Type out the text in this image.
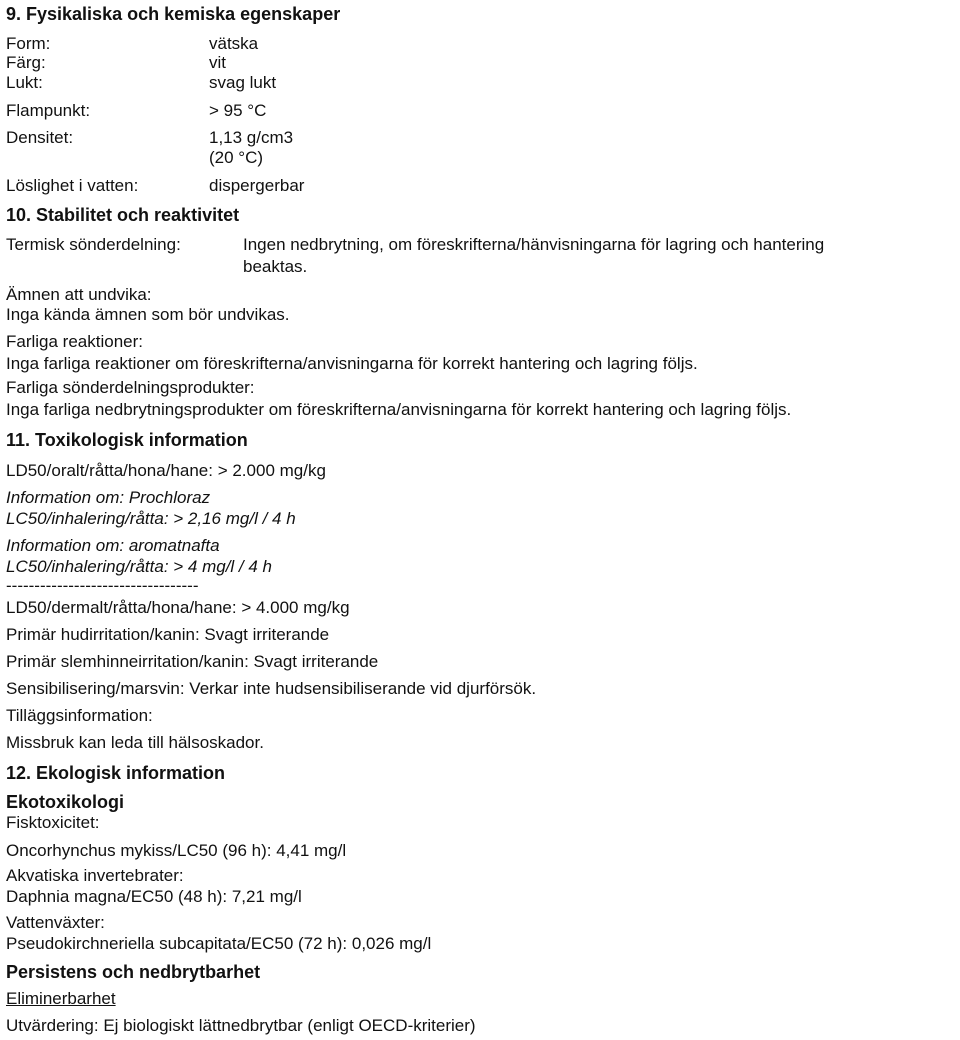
9. Fysikaliska och kemiska egenskaper
Form:	vätska
Färg:	vit
Lukt:	svag lukt
Flampunkt:	> 95 °C
Densitet:	1,13 g/cm3
(20 °C)
Löslighet i vatten:	dispergerbar
10. Stabilitet och reaktivitet
Termisk sönderdelning:	Ingen nedbrytning, om föreskrifterna/hänvisningarna för lagring och hantering
beaktas.
Ämnen att undvika:
Inga kända ämnen som bör undvikas.
Farliga reaktioner:
Inga farliga reaktioner om föreskrifterna/anvisningarna för korrekt hantering och lagring följs.
Farliga sönderdelningsprodukter:
Inga farliga nedbrytningsprodukter om föreskrifterna/anvisningarna för korrekt hantering och lagring följs.
11. Toxikologisk information
LD50/oralt/råtta/hona/hane: > 2.000 mg/kg
Information om: Prochloraz
LC50/inhalering/råtta: > 2,16 mg/l / 4 h
Information om: aromatnafta
LC50/inhalering/råtta: > 4 mg/l / 4 h
----------------------------------
LD50/dermalt/råtta/hona/hane: > 4.000 mg/kg
Primär hudirritation/kanin: Svagt irriterande
Primär slemhinneirritation/kanin: Svagt irriterande
Sensibilisering/marsvin: Verkar inte hudsensibiliserande vid djurförsök.
Tilläggsinformation:
Missbruk kan leda till hälsoskador.
12. Ekologisk information
Ekotoxikologi
Fisktoxicitet:
Oncorhynchus mykiss/LC50 (96 h): 4,41 mg/l
Akvatiska invertebrater:
Daphnia magna/EC50 (48 h): 7,21 mg/l
Vattenväxter:
Pseudokirchneriella subcapitata/EC50 (72 h): 0,026 mg/l
Persistens och nedbrytbarhet
Eliminerbarhet
Utvärdering: Ej biologiskt lättnedbrytbar (enligt OECD-kriterier)
